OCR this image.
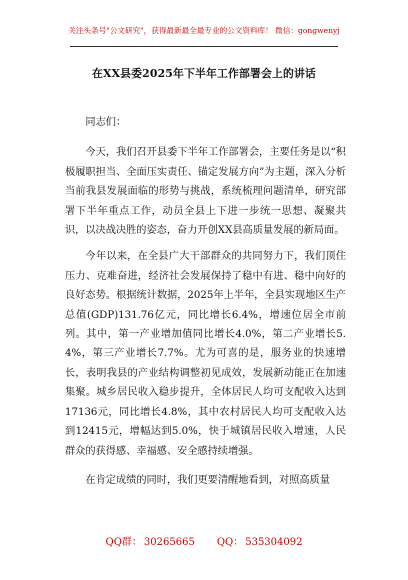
关注头条号"公文研究"，获得最新最全最专业的公文资料库！ 微信：gongwenyj
在XX县委2025年下半年工作部署会上的讲话

同志们：

今天，我们召开县委下半年工作部署会，主要任务是以“积极履职担当、全面压实责任、锚定发展方向”为主题，深入分析当前我县发展面临的形势与挑战，系统梳理问题清单，研究部署下半年重点工作，动员全县上下进一步统一思想、凝聚共识，以决战决胜的姿态，奋力开创XX县高质量发展的新局面。

今年以来，在全县广大干部群众的共同努力下，我们顶住压力、克难奋进，经济社会发展保持了稳中有进、稳中向好的良好态势。根据统计数据，2025年上半年，全县实现地区生产总值(GDP)131.76亿元，同比增长6.4%，增速位居全市前列。其中，第一产业增加值同比增长4.0%，第二产业增长5.4%，第三产业增长7.7%。尤为可喜的是，服务业的快速增长，表明我县的产业结构调整初见成效，发展新动能正在加速集聚。城乡居民收入稳步提升，全体居民人均可支配收入达到17136元，同比增长4.8%，其中农村居民人均可支配收入达到12415元，增幅达到5.0%，快于城镇居民收入增速，人民群众的获得感、幸福感、安全感持续增强。

在肯定成绩的同时，我们更要清醒地看到，对照高质量

QQ群： 30265665 QQ： 535304092
